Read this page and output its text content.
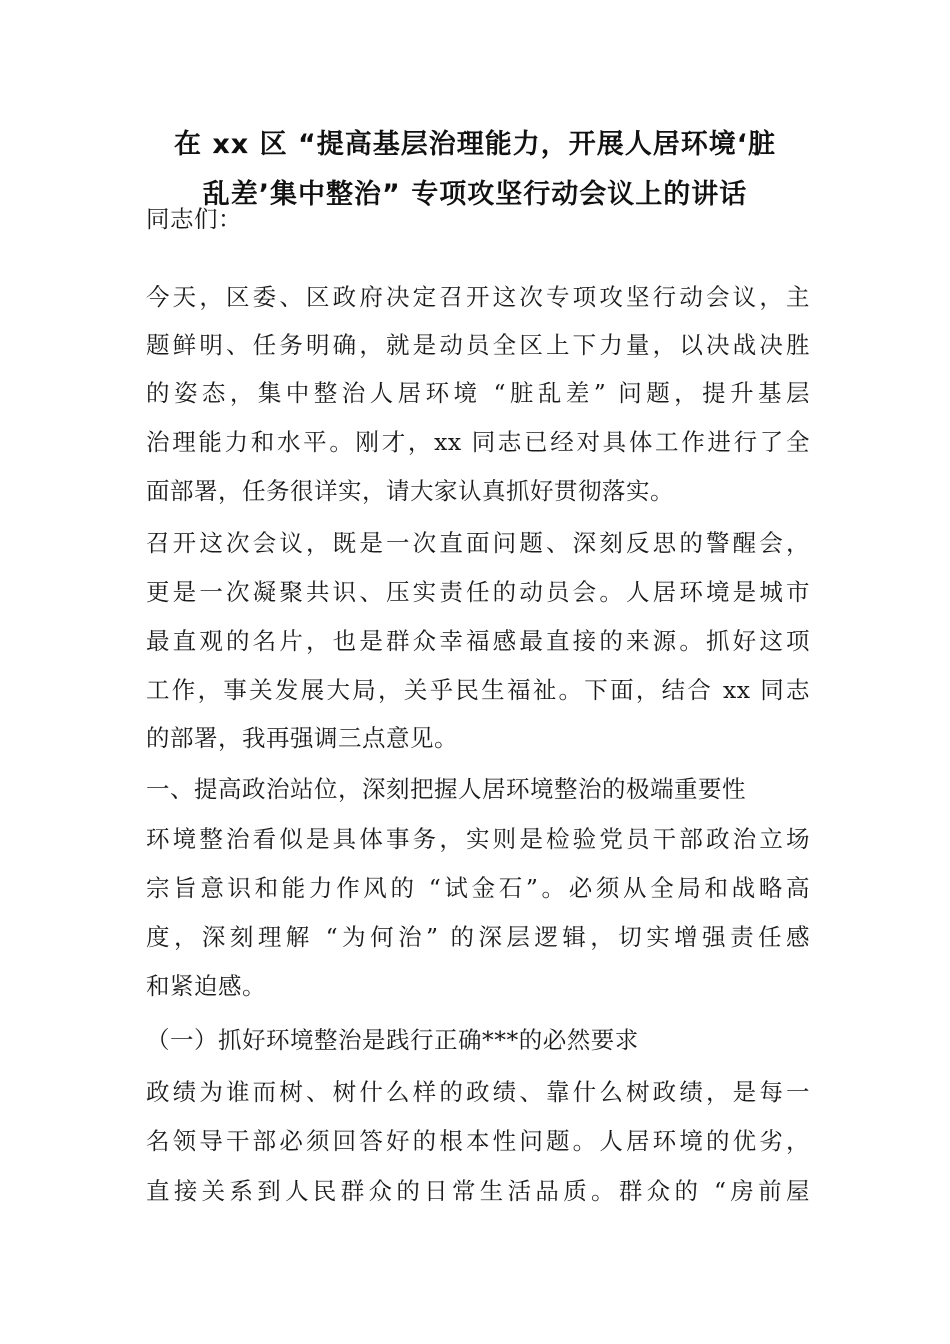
在 xx 区 “提高基层治理能力，开展人居环境‘脏
乱差’集中整治” 专项攻坚行动会议上的讲话
同志们：
今天，区委、区政府决定召开这次专项攻坚行动会议，主
题鲜明、任务明确，就是动员全区上下力量，以决战决胜
的姿态，集中整治人居环境 “脏乱差” 问题，提升基层
治理能力和水平。刚才，xx 同志已经对具体工作进行了全
面部署，任务很详实，请大家认真抓好贯彻落实。
召开这次会议，既是一次直面问题、深刻反思的警醒会，
更是一次凝聚共识、压实责任的动员会。人居环境是城市
最直观的名片，也是群众幸福感最直接的来源。抓好这项
工作，事关发展大局，关乎民生福祉。下面，结合 xx 同志
的部署，我再强调三点意见。
一、提高政治站位，深刻把握人居环境整治的极端重要性
环境整治看似是具体事务，实则是检验党员干部政治立场
宗旨意识和能力作风的 “试金石”。必须从全局和战略高
度，深刻理解 “为何治” 的深层逻辑，切实增强责任感
和紧迫感。
（一）抓好环境整治是践行正确***的必然要求
政绩为谁而树、树什么样的政绩、靠什么树政绩，是每一
名领导干部必须回答好的根本性问题。人居环境的优劣，
直接关系到人民群众的日常生活品质。群众的 “房前屋
